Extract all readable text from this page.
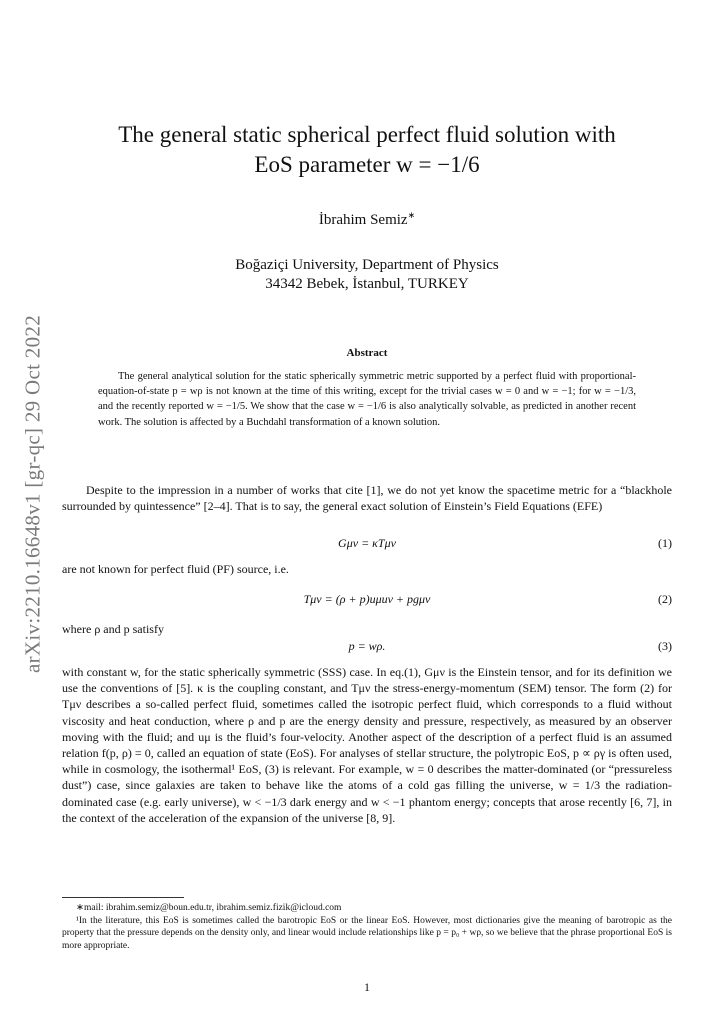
arXiv:2210.16648v1 [gr-qc] 29 Oct 2022
The general static spherical perfect fluid solution with
EoS parameter w = −1/6
İbrahim Semiz∗
Boğaziçi University, Department of Physics
34342 Bebek, İstanbul, TURKEY
Abstract

The general analytical solution for the static spherically symmetric metric supported by a perfect fluid with proportional-equation-of-state p = wρ is not known at the time of this writing, except for the trivial cases w = 0 and w = −1; for w = −1/3, and the recently reported w = −1/5. We show that the case w = −1/6 is also analytically solvable, as predicted in another recent work. The solution is affected by a Buchdahl transformation of a known solution.

Despite to the impression in a number of works that cite [1], we do not yet know the spacetime metric for a “blackhole surrounded by quintessence” [2–4]. That is to say, the general exact solution of Einstein’s Field Equations (EFE)

Gμν = κTμν	(1)

are not known for perfect fluid (PF) source, i.e.

Tμν = (ρ + p)uμuν + pgμν	(2)

where ρ and p satisfy

p = wρ.	(3)

with constant w, for the static spherically symmetric (SSS) case. In eq.(1), Gμν is the Einstein tensor, and for its definition we use the conventions of [5]. κ is the coupling constant, and Tμν the stress-energy-momentum (SEM) tensor. The form (2) for Tμν describes a so-called perfect fluid, sometimes called the isotropic perfect fluid, which corresponds to a fluid without viscosity and heat conduction, where ρ and p are the energy density and pressure, respectively, as measured by an observer moving with the fluid; and uμ is the fluid’s four-velocity. Another aspect of the description of a perfect fluid is an assumed relation f(p, ρ) = 0, called an equation of state (EoS). For analyses of stellar structure, the polytropic EoS, p ∝ ργ is often used, while in cosmology, the isothermal¹ EoS, (3) is relevant. For example, w = 0 describes the matter-dominated (or “pressureless dust”) case, since galaxies are taken to behave like the atoms of a cold gas filling the universe, w = 1/3 the radiation-dominated case (e.g. early universe), w < −1/3 dark energy and w < −1 phantom energy; concepts that arose recently [6, 7], in the context of the acceleration of the expansion of the universe [8, 9].

∗mail: ibrahim.semiz@boun.edu.tr, ibrahim.semiz.fizik@icloud.com

¹In the literature, this EoS is sometimes called the barotropic EoS or the linear EoS. However, most dictionaries give the meaning of barotropic as the property that the pressure depends on the density only, and linear would include relationships like p = p₀ + wρ, so we believe that the phrase proportional EoS is more appropriate.

1
